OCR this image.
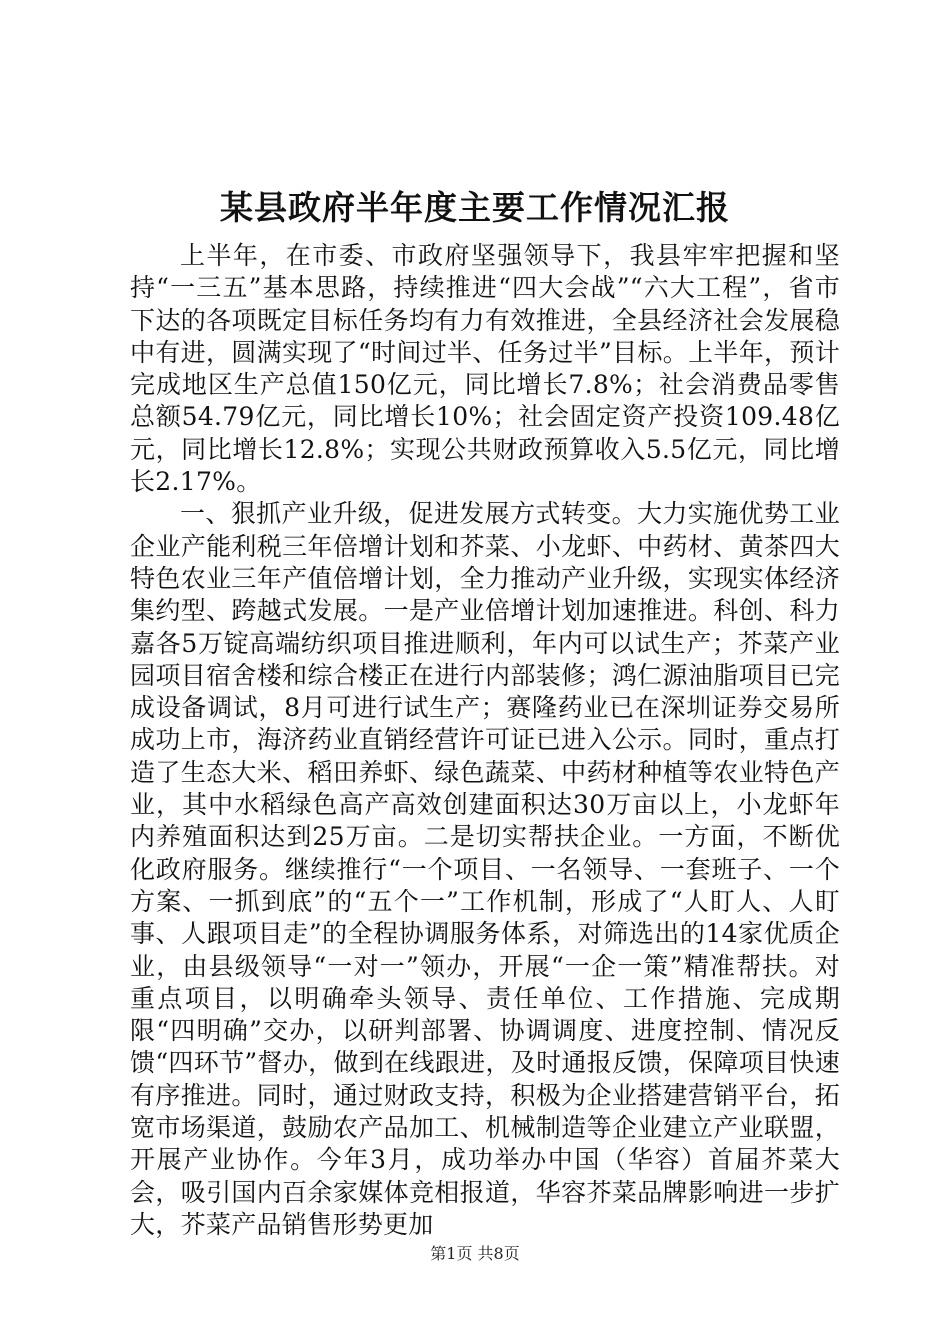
某县政府半年度主要工作情况汇报

上半年，在市委、市政府坚强领导下，我县牢牢把握和坚持“一三五”基本思路，持续推进“四大会战”“六大工程”，省市下达的各项既定目标任务均有力有效推进，全县经济社会发展稳中有进，圆满实现了“时间过半、任务过半”目标。上半年，预计完成地区生产总值150亿元，同比增长7.8%；社会消费品零售总额54.79亿元，同比增长10%；社会固定资产投资109.48亿元，同比增长12.8%；实现公共财政预算收入5.5亿元，同比增长2.17%。

一、狠抓产业升级，促进发展方式转变。大力实施优势工业企业产能利税三年倍增计划和芥菜、小龙虾、中药材、黄茶四大特色农业三年产值倍增计划，全力推动产业升级，实现实体经济集约型、跨越式发展。一是产业倍增计划加速推进。科创、科力嘉各5万锭高端纺织项目推进顺利，年内可以试生产；芥菜产业园项目宿舍楼和综合楼正在进行内部装修；鸿仁源油脂项目已完成设备调试，8月可进行试生产；赛隆药业已在深圳证券交易所成功上市，海济药业直销经营许可证已进入公示。同时，重点打造了生态大米、稻田养虾、绿色蔬菜、中药材种植等农业特色产业，其中水稻绿色高产高效创建面积达30万亩以上，小龙虾年内养殖面积达到25万亩。二是切实帮扶企业。一方面，不断优化政府服务。继续推行“一个项目、一名领导、一套班子、一个方案、一抓到底”的“五个一”工作机制，形成了“人盯人、人盯事、人跟项目走”的全程协调服务体系，对筛选出的14家优质企业，由县级领导“一对一”领办，开展“一企一策”精准帮扶。对重点项目，以明确牵头领导、责任单位、工作措施、完成期限“四明确”交办，以研判部署、协调调度、进度控制、情况反馈“四环节”督办，做到在线跟进，及时通报反馈，保障项目快速有序推进。同时，通过财政支持，积极为企业搭建营销平台，拓宽市场渠道，鼓励农产品加工、机械制造等企业建立产业联盟，开展产业协作。今年3月，成功举办中国（华容）首届芥菜大会，吸引国内百余家媒体竞相报道，华容芥菜品牌影响进一步扩大，芥菜产品销售形势更加

第1页 共8页
